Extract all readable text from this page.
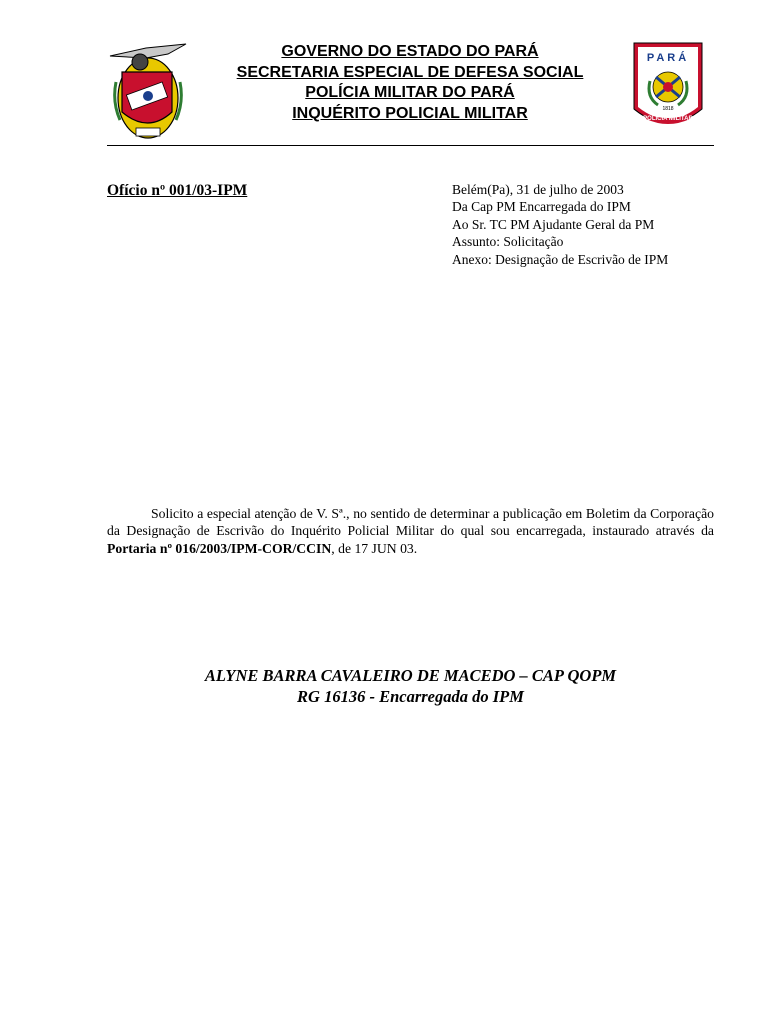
PARÁ
1818
POLÍCIA MILITAR
GOVERNO DO ESTADO DO PARÁ
SECRETARIA ESPECIAL DE DEFESA SOCIAL
POLÍCIA MILITAR DO PARÁ
INQUÉRITO POLICIAL MILITAR
Ofício nº 001/03-IPM	Belém(Pa), 31 de julho de 2003
Da Cap PM Encarregada do IPM
Ao Sr. TC PM Ajudante Geral da PM
Assunto: Solicitação
Anexo: Designação de Escrivão de IPM

Solicito a especial atenção de V. Sª., no sentido de determinar a publicação em Boletim da Corporação da Designação de Escrivão do Inquérito Policial Militar do qual sou encarregada, instaurado através da Portaria nº 016/2003/IPM-COR/CCIN, de 17 JUN 03.

ALYNE BARRA CAVALEIRO DE MACEDO – CAP QOPM
RG 16136 - Encarregada do IPM
